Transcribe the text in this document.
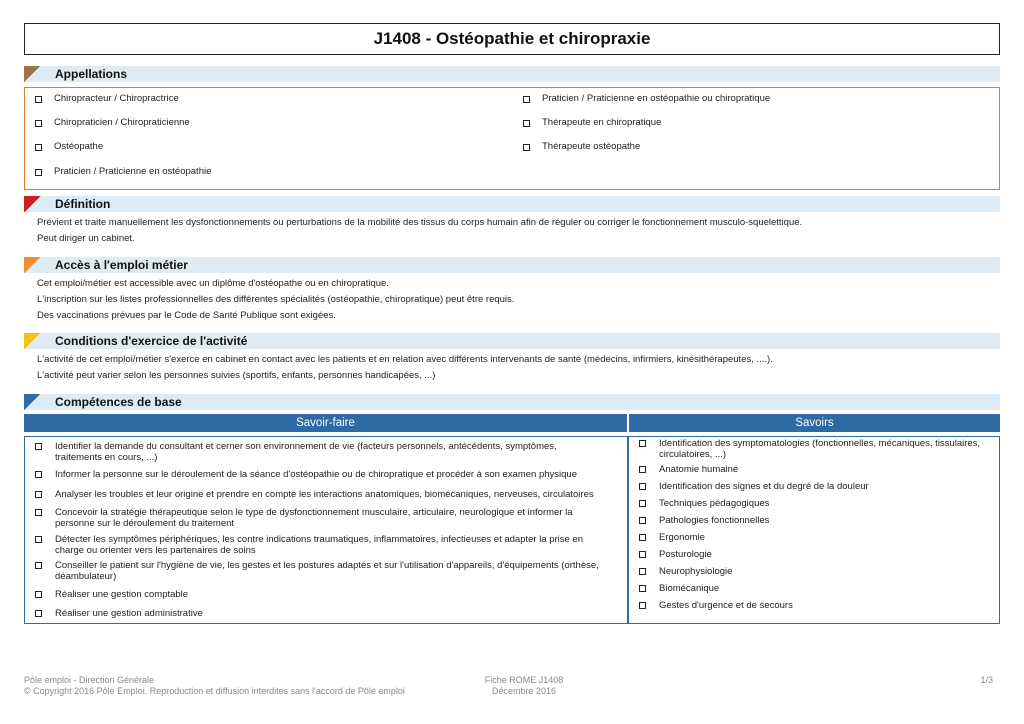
J1408 - Ostéopathie et chiropraxie
Appellations
Chiropracteur / Chiropractrice
Chiropraticien / Chiropraticienne
Ostéopathe
Praticien / Praticienne en ostéopathie
Praticien / Praticienne en ostéopathie ou chiropratique
Thérapeute en chiropratique
Thérapeute ostéopathe
Définition
Prévient et traite manuellement les dysfonctionnements ou perturbations de la mobilité des tissus du corps humain afin de réguler ou corriger le fonctionnement musculo-squelettique.
Peut diriger un cabinet.
Accès à l'emploi métier
Cet emploi/métier est accessible avec un diplôme d'ostéopathe ou en chiropratique.
L'inscription sur les listes professionnelles des différentes spécialités (ostéopathie, chiropratique) peut être requis.
Des vaccinations prévues par le Code de Santé Publique sont exigées.
Conditions d'exercice de l'activité
L'activité de cet emploi/métier s'exerce en cabinet en contact avec les patients et en relation avec différents intervenants de santé (médecins, infirmiers, kinésithérapeutes, ....).
L'activité peut varier selon les personnes suivies (sportifs, enfants, personnes handicapées, ...)
Compétences de base
Savoir-faire	Savoirs
Identifier la demande du consultant et cerner son environnement de vie (facteurs personnels, antécédents, symptômes, traitements en cours, ...)
Informer la personne sur le déroulement de la séance d'ostéopathie ou de chiropratique et procéder à son examen physique
Analyser les troubles et leur origine et prendre en compte les interactions anatomiques, biomécaniques, nerveuses, circulatoires
Concevoir la stratégie thérapeutique selon le type de dysfonctionnement musculaire, articulaire, neurologique et informer la personne sur le déroulement du traitement
Détecter les symptômes périphériques, les contre indications traumatiques, inflammatoires, infectieuses et adapter la prise en charge ou orienter vers les partenaires de soins
Conseiller le patient sur l'hygiène de vie, les gestes et les postures adaptés et sur l'utilisation d'appareils, d'équipements (orthèse, déambulateur)
Réaliser une gestion comptable
Réaliser une gestion administrative
Identification des symptomatologies (fonctionnelles, mécaniques, tissulaires, circulatoires, ...)
Anatomie humaine
Identification des signes et du degré de la douleur
Techniques pédagogiques
Pathologies fonctionnelles
Ergonomie
Posturologie
Neurophysiologie
Biomécanique
Gestes d'urgence et de secours
Pôle emploi - Direction Générale
© Copyright 2016 Pôle Emploi. Reproduction et diffusion interdites sans l'accord de Pôle emploi
Fiche ROME J1408
Décembre 2016
1/3
